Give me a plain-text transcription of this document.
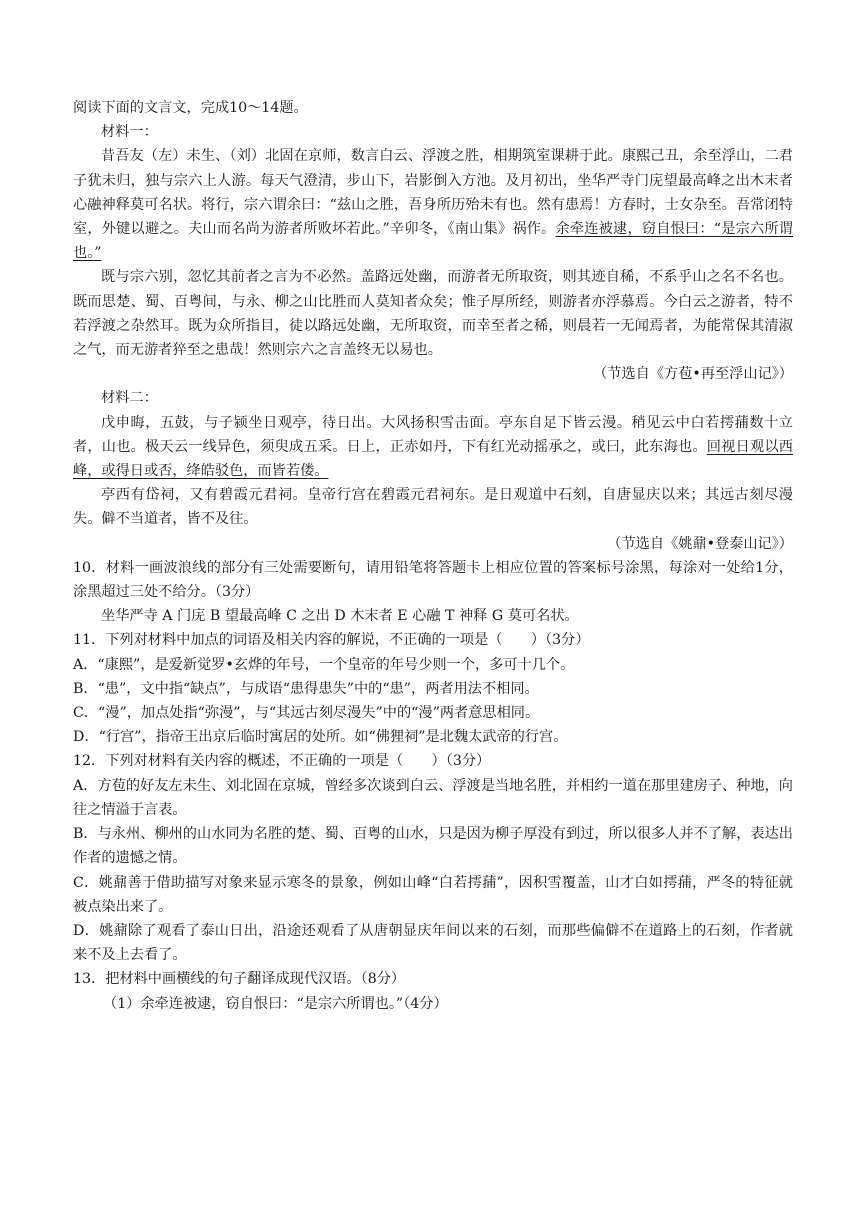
阅读下面的文言文，完成10～14题。

材料一：

昔吾友（左）未生、（刘）北固在京师，数言白云、浮渡之胜，相期筑室课耕于此。康熙己丑，余至浮山，二君子犹未归，独与宗六上人游。每天气澄清，步山下，岩影倒入方池。及月初出，坐华严寺门庑望最高峰之出木末者心融神释莫可名状。将行，宗六谓余曰：“兹山之胜，吾身所历殆未有也。然有患焉！方春时，士女杂至。吾常闭特室，外键以避之。夫山而名尚为游者所败坏若此。”辛卯冬，《南山集》祸作。余牵连被逮，窃自恨曰：“是宗六所谓也。”

既与宗六别，忽忆其前者之言为不必然。盖路远处幽，而游者无所取资，则其迹自稀，不系乎山之名不名也。既而思楚、蜀、百粤间，与永、柳之山比胜而人莫知者众矣；惟子厚所经，则游者亦浮慕焉。今白云之游者，特不若浮渡之杂然耳。既为众所指目，徒以路远处幽，无所取资，而幸至者之稀，则晨若一无闻焉者，为能常保其清淑之气，而无游者猝至之患哉！然则宗六之言盖终无以易也。

（节选自《方苞•再至浮山记》）

材料二：

戊申晦，五鼓，与子颍坐日观亭，待日出。大风扬积雪击面。亭东自足下皆云漫。稍见云中白若摴蒱数十立者，山也。极天云一线异色，须臾成五采。日上，正赤如丹，下有红光动摇承之，或曰，此东海也。回视日观以西峰，或得日或否，绛皓驳色，而皆若偻。

亭西有岱祠，又有碧霞元君祠。皇帝行宫在碧霞元君祠东。是日观道中石刻，自唐显庆以来；其远古刻尽漫失。僻不当道者，皆不及往。

（节选自《姚鼐•登泰山记》）

10．材料一画波浪线的部分有三处需要断句，请用铅笔将答题卡上相应位置的答案标号涂黑，每涂对一处给1分，涂黑超过三处不给分。（3分）

坐华严寺 A 门庑 B 望最高峰 C 之出 D 木末者 E 心融 T 神释 G 莫可名状。

11．下列对材料中加点的词语及相关内容的解说，不正确的一项是（　　）（3分）

A．“康熙”，是爱新觉罗•玄烨的年号，一个皇帝的年号少则一个，多可十几个。

B．“患”，文中指“缺点”，与成语“患得患失”中的“患”，两者用法不相同。

C．“漫”，加点处指“弥漫”，与“其远古刻尽漫失”中的“漫”两者意思相同。

D．“行宫”，指帝王出京后临时寓居的处所。如“佛狸祠”是北魏太武帝的行宫。

12．下列对材料有关内容的概述，不正确的一项是（　　）（3分）

A．方苞的好友左未生、刘北固在京城，曾经多次谈到白云、浮渡是当地名胜，并相约一道在那里建房子、种地，向往之情溢于言表。

B．与永州、柳州的山水同为名胜的楚、蜀、百粤的山水，只是因为柳子厚没有到过，所以很多人并不了解，表达出作者的遗憾之情。

C．姚鼐善于借助描写对象来显示寒冬的景象，例如山峰“白若摴蒱”，因积雪覆盖，山才白如摴蒱，严冬的特征就被点染出来了。

D．姚鼐除了观看了泰山日出，沿途还观看了从唐朝显庆年间以来的石刻，而那些偏僻不在道路上的石刻，作者就来不及上去看了。

13．把材料中画横线的句子翻译成现代汉语。（8分）

（1）余牵连被逮，窃自恨曰：“是宗六所谓也。”（4分）
